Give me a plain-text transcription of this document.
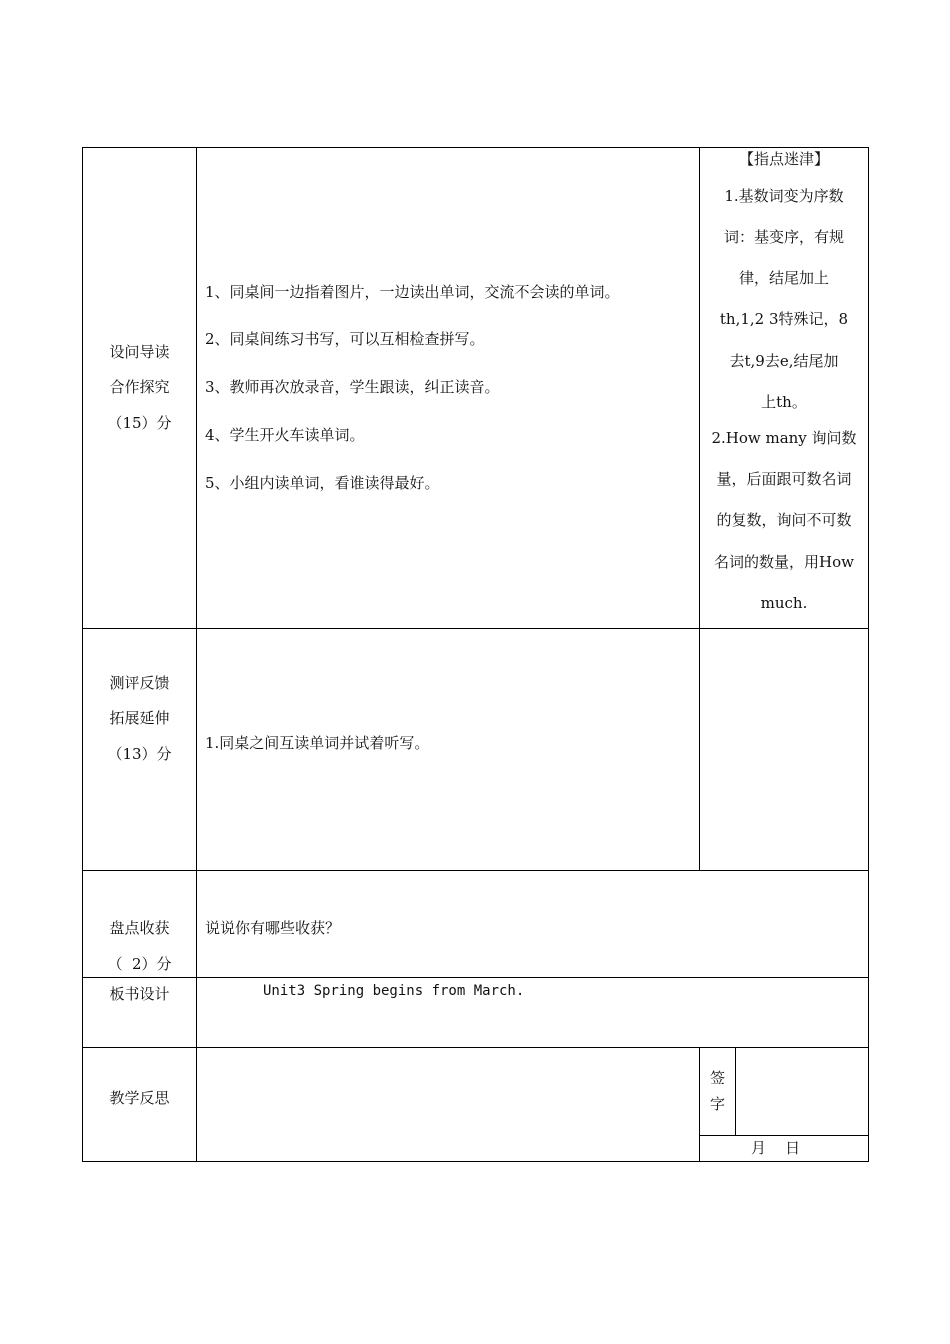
设问导读
合作探究
（15）分
1、同桌间一边指着图片，一边读出单词，交流不会读的单词。
2、同桌间练习书写，可以互相检查拼写。
3、教师再次放录音，学生跟读，纠正读音。
4、学生开火车读单词。
5、小组内读单词，看谁读得最好。
【指点迷津】
1.基数词变为序数
词：基变序，有规
律，结尾加上
th,1,2 3特殊记，8
去t,9去e,结尾加
上th。
2.How many 询问数
量，后面跟可数名词
的复数，询问不可数
名词的数量，用How
much.
测评反馈
拓展延伸
（13）分
1.同桌之间互读单词并试着听写。
盘点收获
（  2）分
说说你有哪些收获？
板书设计	Unit3 Spring begins from March.
教学反思
签
字
月    日
